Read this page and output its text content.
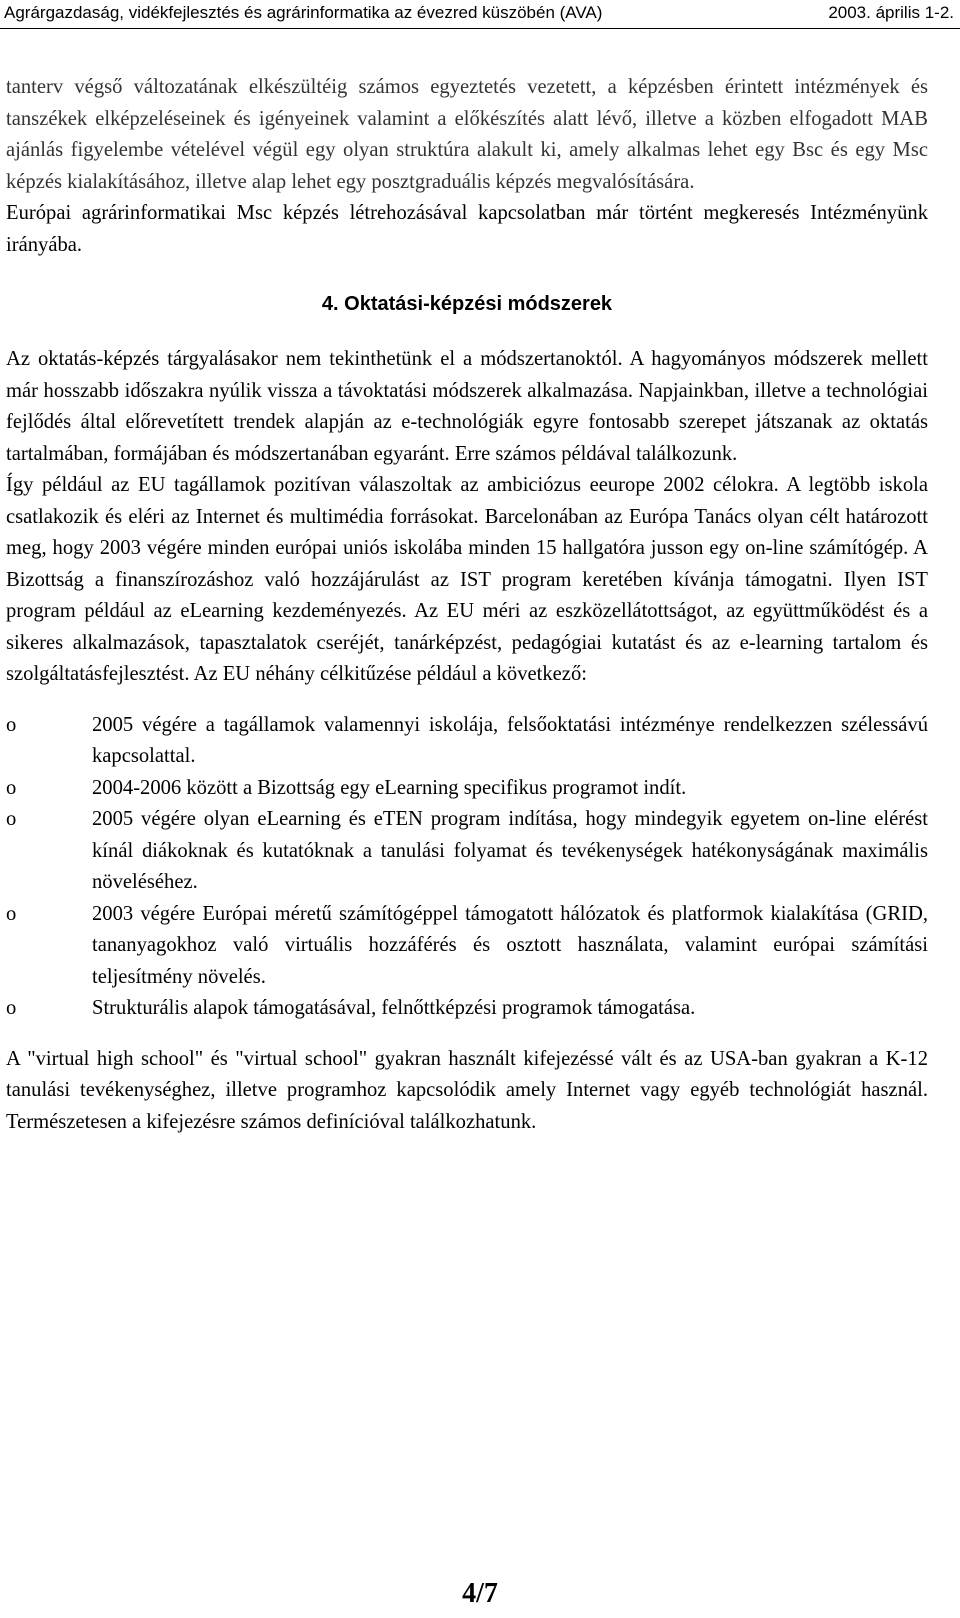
Agrárgazdaság, vidékfejlesztés és agrárinformatika az évezred küszöbén (AVA)	2003. április 1-2.

tanterv végső változatának elkészültéig számos egyeztetés vezetett, a képzésben érintett intézmények és tanszékek elképzeléseinek és igényeinek valamint a előkészítés alatt lévő, illetve a közben elfogadott MAB ajánlás figyelembe vételével végül egy olyan struktúra alakult ki, amely alkalmas lehet egy Bsc és egy Msc képzés kialakításához, illetve alap lehet egy posztgraduális képzés megvalósítására.

Európai agrárinformatikai Msc képzés létrehozásával kapcsolatban már történt megkeresés Intézményünk irányába.

4. Oktatási-képzési módszerek

Az oktatás-képzés tárgyalásakor nem tekinthetünk el a módszertanoktól. A hagyományos módszerek mellett már hosszabb időszakra nyúlik vissza a távoktatási módszerek alkalmazása. Napjainkban, illetve a technológiai fejlődés által előrevetített trendek alapján az e-technológiák egyre fontosabb szerepet játszanak az oktatás tartalmában, formájában és módszertanában egyaránt. Erre számos példával találkozunk.

Így például az EU tagállamok pozitívan válaszoltak az ambiciózus eeurope 2002 célokra. A legtöbb iskola csatlakozik és eléri az Internet és multimédia forrásokat. Barcelonában az Európa Tanács olyan célt határozott meg, hogy 2003 végére minden európai uniós iskolába minden 15 hallgatóra jusson egy on-line számítógép. A Bizottság a finanszírozáshoz való hozzájárulást az IST program keretében kívánja támogatni. Ilyen IST program például az eLearning kezdeményezés. Az EU méri az eszközellátottságot, az együttműködést és a sikeres alkalmazások, tapasztalatok cseréjét, tanárképzést, pedagógiai kutatást és az e-learning tartalom és szolgáltatásfejlesztést. Az EU néhány célkitűzése például a következő:

o	2005 végére a tagállamok valamennyi iskolája, felsőoktatási intézménye rendelkezzen szélessávú kapcsolattal.
o	2004-2006 között a Bizottság egy eLearning specifikus programot indít.
o	2005 végére olyan eLearning és eTEN program indítása, hogy mindegyik egyetem on-line elérést kínál diákoknak és kutatóknak a tanulási folyamat és tevékenységek hatékonyságának maximális növeléséhez.
o	2003 végére Európai méretű számítógéppel támogatott hálózatok és platformok kialakítása (GRID, tananyagokhoz való virtuális hozzáférés és osztott használata, valamint európai számítási teljesítmény növelés.
o	Strukturális alapok támogatásával, felnőttképzési programok támogatása.

A "virtual high school" és "virtual school" gyakran használt kifejezéssé vált és az USA-ban gyakran a K-12 tanulási tevékenységhez, illetve programhoz kapcsolódik amely Internet vagy egyéb technológiát használ. Természetesen a kifejezésre számos definícióval találkozhatunk.

4/7
